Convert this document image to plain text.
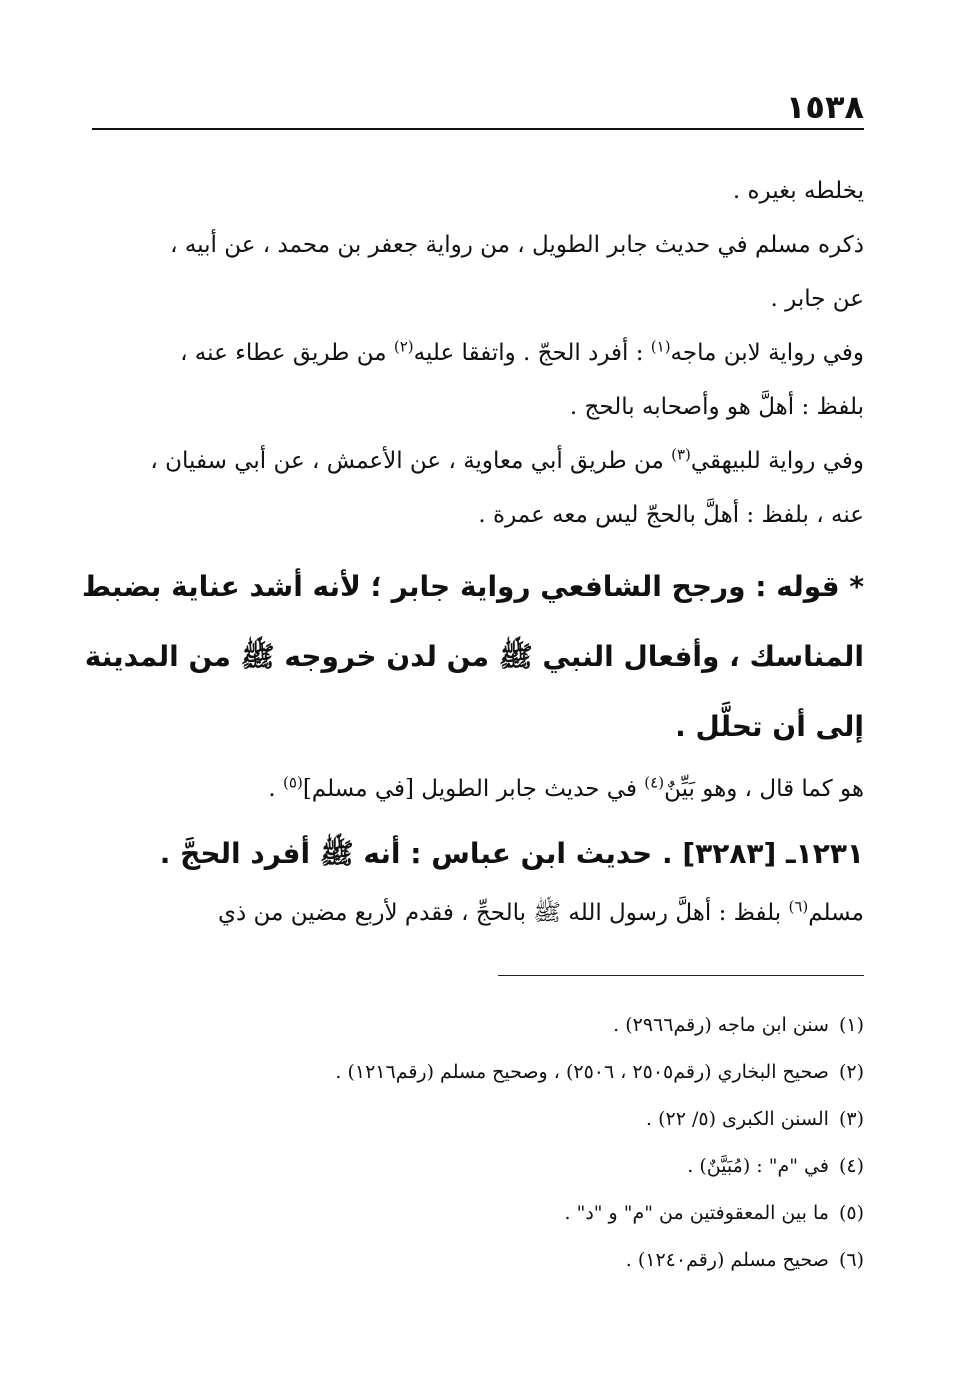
١٥٣٨

يخلطه بغيره .

ذكره مسلم في حديث جابر الطويل ، من رواية جعفر بن محمد ، عن أبيه ،

عن جابر .

وفي رواية لابن ماجه$^{(١)}$ : أفرد الحجّ . واتفقا عليه$^{(٢)}$ من طريق عطاء عنه ،

بلفظ : أهلَّ هو وأصحابه بالحج .

وفي رواية للبيهقي$^{(٣)}$ من طريق أبي معاوية ، عن الأعمش ، عن أبي سفيان ،

عنه ، بلفظ : أهلَّ بالحجّ ليس معه عمرة .

* قوله : ورجح الشافعي رواية جابر ؛ لأنه أشد عناية بضبط

المناسك ، وأفعال النبي ﷺ من لدن خروجه ﷺ من المدينة

إلى أن تحلَّل .

هو كما قال ، وهو بَيِّنٌ$^{(٤)}$ في حديث جابر الطويل [في مسلم]$^{(٥)}$ .

١٢٣١ـ [٣٢٨٣] . حديث ابن عباس : أنه ﷺ أفرد الحجَّ .

مسلم$^{(٦)}$ بلفظ : أهلَّ رسول الله ﷺ بالحجِّ ، فقدم لأربع مضين من ذي

(١)سنن ابن ماجه (رقم٢٩٦٦) .

(٢)صحيح البخاري (رقم٢٥٠٥ ، ٢٥٠٦) ، وصحيح مسلم (رقم١٢١٦) .

(٣)السنن الكبرى (٥/ ٢٢) .

(٤)في "م" : (مُبَيَّنٌ) .

(٥)ما بين المعقوفتين من "م" و "د" .

(٦)صحيح مسلم (رقم١٢٤٠) .
